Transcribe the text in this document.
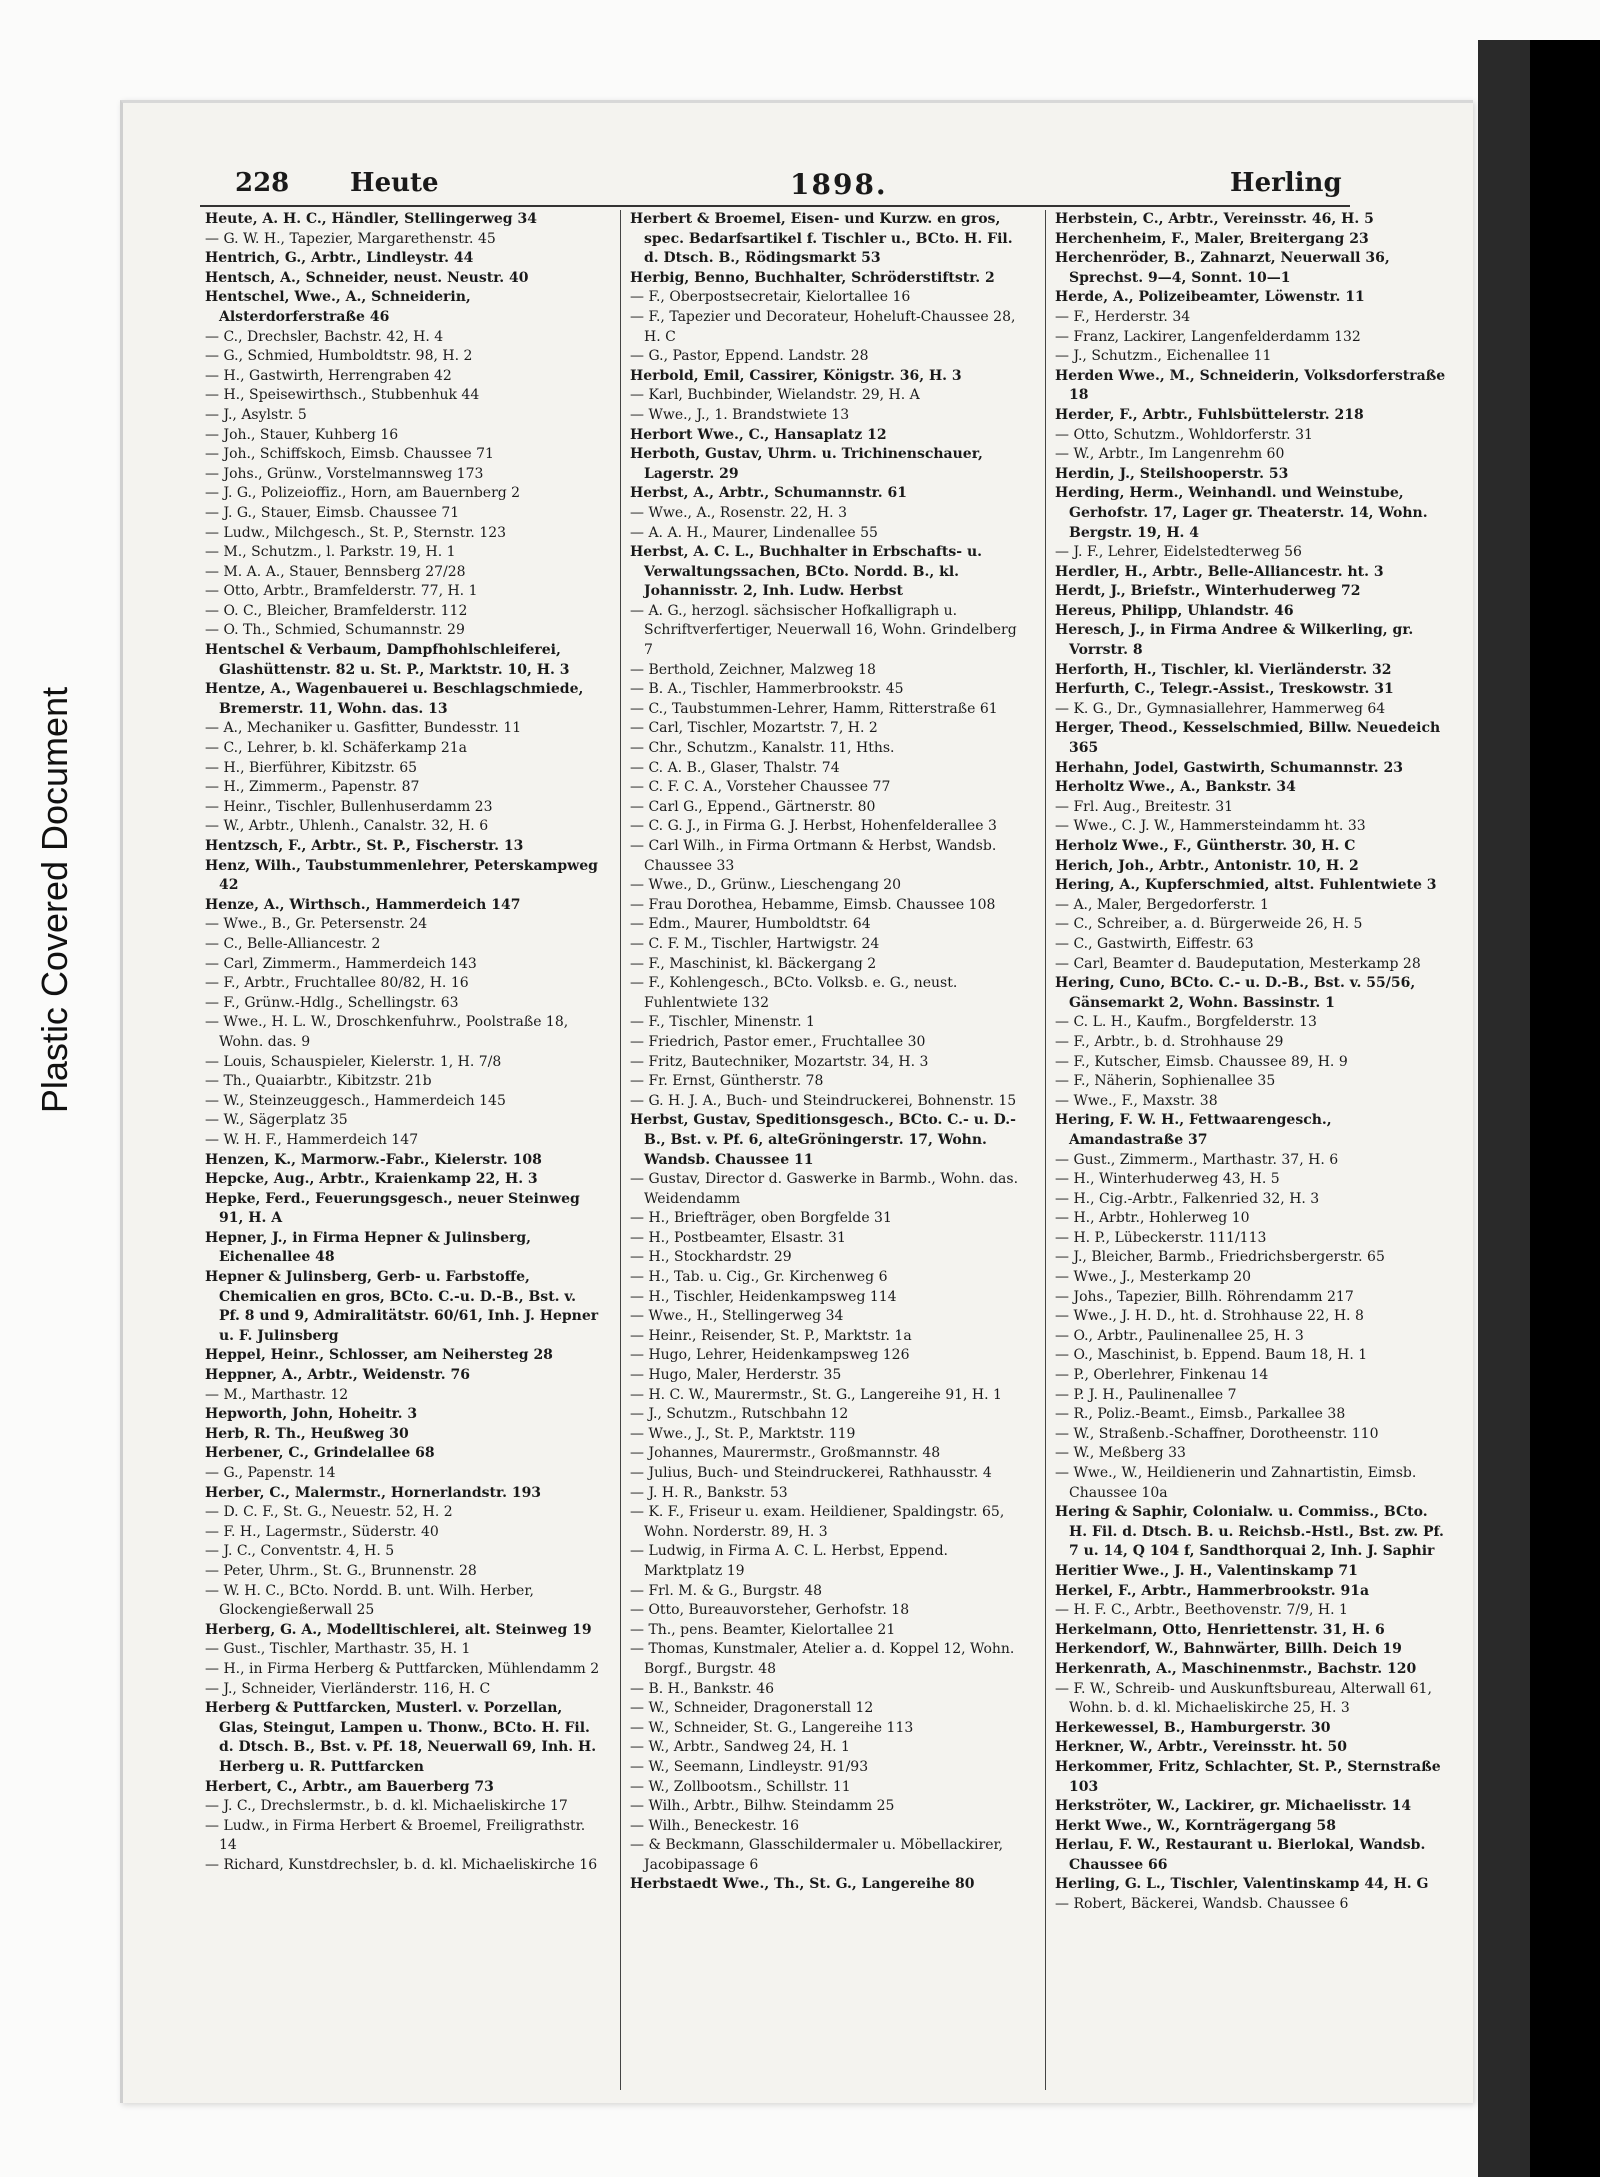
Plastic Covered Document
228 Heute	1898.	Herling

Heute, A. H. C., Händler, Stellingerweg 34

— G. W. H., Tapezier, Margarethenstr. 45

Hentrich, G., Arbtr., Lindleystr. 44

Hentsch, A., Schneider, neust. Neustr. 40

Hentschel, Wwe., A., Schneiderin, Alsterdorferstraße 46

— C., Drechsler, Bachstr. 42, H. 4

— G., Schmied, Humboldtstr. 98, H. 2

— H., Gastwirth, Herrengraben 42

— H., Speisewirthsch., Stubbenhuk 44

— J., Asylstr. 5

— Joh., Stauer, Kuhberg 16

— Joh., Schiffskoch, Eimsb. Chaussee 71

— Johs., Grünw., Vorstelmannsweg 173

— J. G., Polizeioffiz., Horn, am Bauernberg 2

— J. G., Stauer, Eimsb. Chaussee 71

— Ludw., Milchgesch., St. P., Sternstr. 123

— M., Schutzm., l. Parkstr. 19, H. 1

— M. A. A., Stauer, Bennsberg 27/28

— Otto, Arbtr., Bramfelderstr. 77, H. 1

— O. C., Bleicher, Bramfelderstr. 112

— O. Th., Schmied, Schumannstr. 29

Hentschel & Verbaum, Dampfhohlschleiferei, Glashüttenstr. 82 u. St. P., Marktstr. 10, H. 3

Hentze, A., Wagenbauerei u. Beschlagschmiede, Bremerstr. 11, Wohn. das. 13

— A., Mechaniker u. Gasfitter, Bundesstr. 11

— C., Lehrer, b. kl. Schäferkamp 21a

— H., Bierführer, Kibitzstr. 65

— H., Zimmerm., Papenstr. 87

— Heinr., Tischler, Bullenhuserdamm 23

— W., Arbtr., Uhlenh., Canalstr. 32, H. 6

Hentzsch, F., Arbtr., St. P., Fischerstr. 13

Henz, Wilh., Taubstummenlehrer, Peterskampweg 42

Henze, A., Wirthsch., Hammerdeich 147

— Wwe., B., Gr. Petersenstr. 24

— C., Belle-Alliancestr. 2

— Carl, Zimmerm., Hammerdeich 143

— F., Arbtr., Fruchtallee 80/82, H. 16

— F., Grünw.-Hdlg., Schellingstr. 63

— Wwe., H. L. W., Droschkenfuhrw., Poolstraße 18, Wohn. das. 9

— Louis, Schauspieler, Kielerstr. 1, H. 7/8

— Th., Quaiarbtr., Kibitzstr. 21b

— W., Steinzeuggesch., Hammerdeich 145

— W., Sägerplatz 35

— W. H. F., Hammerdeich 147

Henzen, K., Marmorw.-Fabr., Kielerstr. 108

Hepcke, Aug., Arbtr., Kraienkamp 22, H. 3

Hepke, Ferd., Feuerungsgesch., neuer Steinweg 91, H. A

Hepner, J., in Firma Hepner & Julinsberg, Eichenallee 48

Hepner & Julinsberg, Gerb- u. Farbstoffe, Chemicalien en gros, BCto. C.-u. D.-B., Bst. v. Pf. 8 und 9, Admiralitätstr. 60/61, Inh. J. Hepner u. F. Julinsberg

Heppel, Heinr., Schlosser, am Neihersteg 28

Heppner, A., Arbtr., Weidenstr. 76

— M., Marthastr. 12

Hepworth, John, Hoheitr. 3

Herb, R. Th., Heußweg 30

Herbener, C., Grindelallee 68

— G., Papenstr. 14

Herber, C., Malermstr., Hornerlandstr. 193

— D. C. F., St. G., Neuestr. 52, H. 2

— F. H., Lagermstr., Süderstr. 40

— J. C., Conventstr. 4, H. 5

— Peter, Uhrm., St. G., Brunnenstr. 28

— W. H. C., BCto. Nordd. B. unt. Wilh. Herber, Glockengießerwall 25

Herberg, G. A., Modelltischlerei, alt. Steinweg 19

— Gust., Tischler, Marthastr. 35, H. 1

— H., in Firma Herberg & Puttfarcken, Mühlendamm 2

— J., Schneider, Vierländerstr. 116, H. C

Herberg & Puttfarcken, Musterl. v. Porzellan, Glas, Steingut, Lampen u. Thonw., BCto. H. Fil. d. Dtsch. B., Bst. v. Pf. 18, Neuerwall 69, Inh. H. Herberg u. R. Puttfarcken

Herbert, C., Arbtr., am Bauerberg 73

— J. C., Drechslermstr., b. d. kl. Michaeliskirche 17

— Ludw., in Firma Herbert & Broemel, Freiligrathstr. 14

— Richard, Kunstdrechsler, b. d. kl. Michaeliskirche 16

Herbert & Broemel, Eisen- und Kurzw. en gros, spec. Bedarfsartikel f. Tischler u., BCto. H. Fil. d. Dtsch. B., Rödingsmarkt 53

Herbig, Benno, Buchhalter, Schröderstiftstr. 2

— F., Oberpostsecretair, Kielortallee 16

— F., Tapezier und Decorateur, Hoheluft-Chaussee 28, H. C

— G., Pastor, Eppend. Landstr. 28

Herbold, Emil, Cassirer, Königstr. 36, H. 3

— Karl, Buchbinder, Wielandstr. 29, H. A

— Wwe., J., 1. Brandstwiete 13

Herbort Wwe., C., Hansaplatz 12

Herboth, Gustav, Uhrm. u. Trichinenschauer, Lagerstr. 29

Herbst, A., Arbtr., Schumannstr. 61

— Wwe., A., Rosenstr. 22, H. 3

— A. A. H., Maurer, Lindenallee 55

Herbst, A. C. L., Buchhalter in Erbschafts- u. Verwaltungssachen, BCto. Nordd. B., kl. Johannisstr. 2, Inh. Ludw. Herbst

— A. G., herzogl. sächsischer Hofkalligraph u. Schriftverfertiger, Neuerwall 16, Wohn. Grindelberg 7

— Berthold, Zeichner, Malzweg 18

— B. A., Tischler, Hammerbrookstr. 45

— C., Taubstummen-Lehrer, Hamm, Ritterstraße 61

— Carl, Tischler, Mozartstr. 7, H. 2

— Chr., Schutzm., Kanalstr. 11, Hths.

— C. A. B., Glaser, Thalstr. 74

— C. F. C. A., Vorsteher Chaussee 77

— Carl G., Eppend., Gärtnerstr. 80

— C. G. J., in Firma G. J. Herbst, Hohenfelderallee 3

— Carl Wilh., in Firma Ortmann & Herbst, Wandsb. Chaussee 33

— Wwe., D., Grünw., Lieschengang 20

— Frau Dorothea, Hebamme, Eimsb. Chaussee 108

— Edm., Maurer, Humboldtstr. 64

— C. F. M., Tischler, Hartwigstr. 24

— F., Maschinist, kl. Bäckergang 2

— F., Kohlengesch., BCto. Volksb. e. G., neust. Fuhlentwiete 132

— F., Tischler, Minenstr. 1

— Friedrich, Pastor emer., Fruchtallee 30

— Fritz, Bautechniker, Mozartstr. 34, H. 3

— Fr. Ernst, Güntherstr. 78

— G. H. J. A., Buch- und Steindruckerei, Bohnenstr. 15

Herbst, Gustav, Speditionsgesch., BCto. C.- u. D.-B., Bst. v. Pf. 6, alteGröningerstr. 17, Wohn. Wandsb. Chaussee 11

— Gustav, Director d. Gaswerke in Barmb., Wohn. das. Weidendamm

— H., Briefträger, oben Borgfelde 31

— H., Postbeamter, Elsastr. 31

— H., Stockhardstr. 29

— H., Tab. u. Cig., Gr. Kirchenweg 6

— H., Tischler, Heidenkampsweg 114

— Wwe., H., Stellingerweg 34

— Heinr., Reisender, St. P., Marktstr. 1a

— Hugo, Lehrer, Heidenkampsweg 126

— Hugo, Maler, Herderstr. 35

— H. C. W., Maurermstr., St. G., Langereihe 91, H. 1

— J., Schutzm., Rutschbahn 12

— Wwe., J., St. P., Marktstr. 119

— Johannes, Maurermstr., Großmannstr. 48

— Julius, Buch- und Steindruckerei, Rathhausstr. 4

— J. H. R., Bankstr. 53

— K. F., Friseur u. exam. Heildiener, Spaldingstr. 65, Wohn. Norderstr. 89, H. 3

— Ludwig, in Firma A. C. L. Herbst, Eppend. Marktplatz 19

— Frl. M. & G., Burgstr. 48

— Otto, Bureauvorsteher, Gerhofstr. 18

— Th., pens. Beamter, Kielortallee 21

— Thomas, Kunstmaler, Atelier a. d. Koppel 12, Wohn. Borgf., Burgstr. 48

— B. H., Bankstr. 46

— W., Schneider, Dragonerstall 12

— W., Schneider, St. G., Langereihe 113

— W., Arbtr., Sandweg 24, H. 1

— W., Seemann, Lindleystr. 91/93

— W., Zollbootsm., Schillstr. 11

— Wilh., Arbtr., Bilhw. Steindamm 25

— Wilh., Beneckestr. 16

— & Beckmann, Glasschildermaler u. Möbellackirer, Jacobipassage 6

Herbstaedt Wwe., Th., St. G., Langereihe 80

Herbstein, C., Arbtr., Vereinsstr. 46, H. 5

Herchenheim, F., Maler, Breitergang 23

Herchenröder, B., Zahnarzt, Neuerwall 36, Sprechst. 9—4, Sonnt. 10—1

Herde, A., Polizeibeamter, Löwenstr. 11

— F., Herderstr. 34

— Franz, Lackirer, Langenfelderdamm 132

— J., Schutzm., Eichenallee 11

Herden Wwe., M., Schneiderin, Volksdorferstraße 18

Herder, F., Arbtr., Fuhlsbüttelerstr. 218

— Otto, Schutzm., Wohldorferstr. 31

— W., Arbtr., Im Langenrehm 60

Herdin, J., Steilshooperstr. 53

Herding, Herm., Weinhandl. und Weinstube, Gerhofstr. 17, Lager gr. Theaterstr. 14, Wohn. Bergstr. 19, H. 4

— J. F., Lehrer, Eidelstedterweg 56

Herdler, H., Arbtr., Belle-Alliancestr. ht. 3

Herdt, J., Briefstr., Winterhuderweg 72

Hereus, Philipp, Uhlandstr. 46

Heresch, J., in Firma Andree & Wilkerling, gr. Vorrstr. 8

Herforth, H., Tischler, kl. Vierländerstr. 32

Herfurth, C., Telegr.-Assist., Treskowstr. 31

— K. G., Dr., Gymnasiallehrer, Hammerweg 64

Herger, Theod., Kesselschmied, Billw. Neuedeich 365

Herhahn, Jodel, Gastwirth, Schumannstr. 23

Herholtz Wwe., A., Bankstr. 34

— Frl. Aug., Breitestr. 31

— Wwe., C. J. W., Hammersteindamm ht. 33

Herholz Wwe., F., Güntherstr. 30, H. C

Herich, Joh., Arbtr., Antonistr. 10, H. 2

Hering, A., Kupferschmied, altst. Fuhlentwiete 3

— A., Maler, Bergedorferstr. 1

— C., Schreiber, a. d. Bürgerweide 26, H. 5

— C., Gastwirth, Eiffestr. 63

— Carl, Beamter d. Baudeputation, Mesterkamp 28

Hering, Cuno, BCto. C.- u. D.-B., Bst. v. 55/56, Gänsemarkt 2, Wohn. Bassinstr. 1

— C. L. H., Kaufm., Borgfelderstr. 13

— F., Arbtr., b. d. Strohhause 29

— F., Kutscher, Eimsb. Chaussee 89, H. 9

— F., Näherin, Sophienallee 35

— Wwe., F., Maxstr. 38

Hering, F. W. H., Fettwaarengesch., Amandastraße 37

— Gust., Zimmerm., Marthastr. 37, H. 6

— H., Winterhuderweg 43, H. 5

— H., Cig.-Arbtr., Falkenried 32, H. 3

— H., Arbtr., Hohlerweg 10

— H. P., Lübeckerstr. 111/113

— J., Bleicher, Barmb., Friedrichsbergerstr. 65

— Wwe., J., Mesterkamp 20

— Johs., Tapezier, Billh. Röhrendamm 217

— Wwe., J. H. D., ht. d. Strohhause 22, H. 8

— O., Arbtr., Paulinenallee 25, H. 3

— O., Maschinist, b. Eppend. Baum 18, H. 1

— P., Oberlehrer, Finkenau 14

— P. J. H., Paulinenallee 7

— R., Poliz.-Beamt., Eimsb., Parkallee 38

— W., Straßenb.-Schaffner, Dorotheenstr. 110

— W., Meßberg 33

— Wwe., W., Heildienerin und Zahnartistin, Eimsb. Chaussee 10a

Hering & Saphir, Colonialw. u. Commiss., BCto. H. Fil. d. Dtsch. B. u. Reichsb.-Hstl., Bst. zw. Pf. 7 u. 14, Q 104 f, Sandthorquai 2, Inh. J. Saphir

Heritier Wwe., J. H., Valentinskamp 71

Herkel, F., Arbtr., Hammerbrookstr. 91a

— H. F. C., Arbtr., Beethovenstr. 7/9, H. 1

Herkelmann, Otto, Henriettenstr. 31, H. 6

Herkendorf, W., Bahnwärter, Billh. Deich 19

Herkenrath, A., Maschinenmstr., Bachstr. 120

— F. W., Schreib- und Auskunftsbureau, Alterwall 61, Wohn. b. d. kl. Michaeliskirche 25, H. 3

Herkewessel, B., Hamburgerstr. 30

Herkner, W., Arbtr., Vereinsstr. ht. 50

Herkommer, Fritz, Schlachter, St. P., Sternstraße 103

Herkströter, W., Lackirer, gr. Michaelisstr. 14

Herkt Wwe., W., Kornträgergang 58

Herlau, F. W., Restaurant u. Bierlokal, Wandsb. Chaussee 66

Herling, G. L., Tischler, Valentinskamp 44, H. G

— Robert, Bäckerei, Wandsb. Chaussee 6
